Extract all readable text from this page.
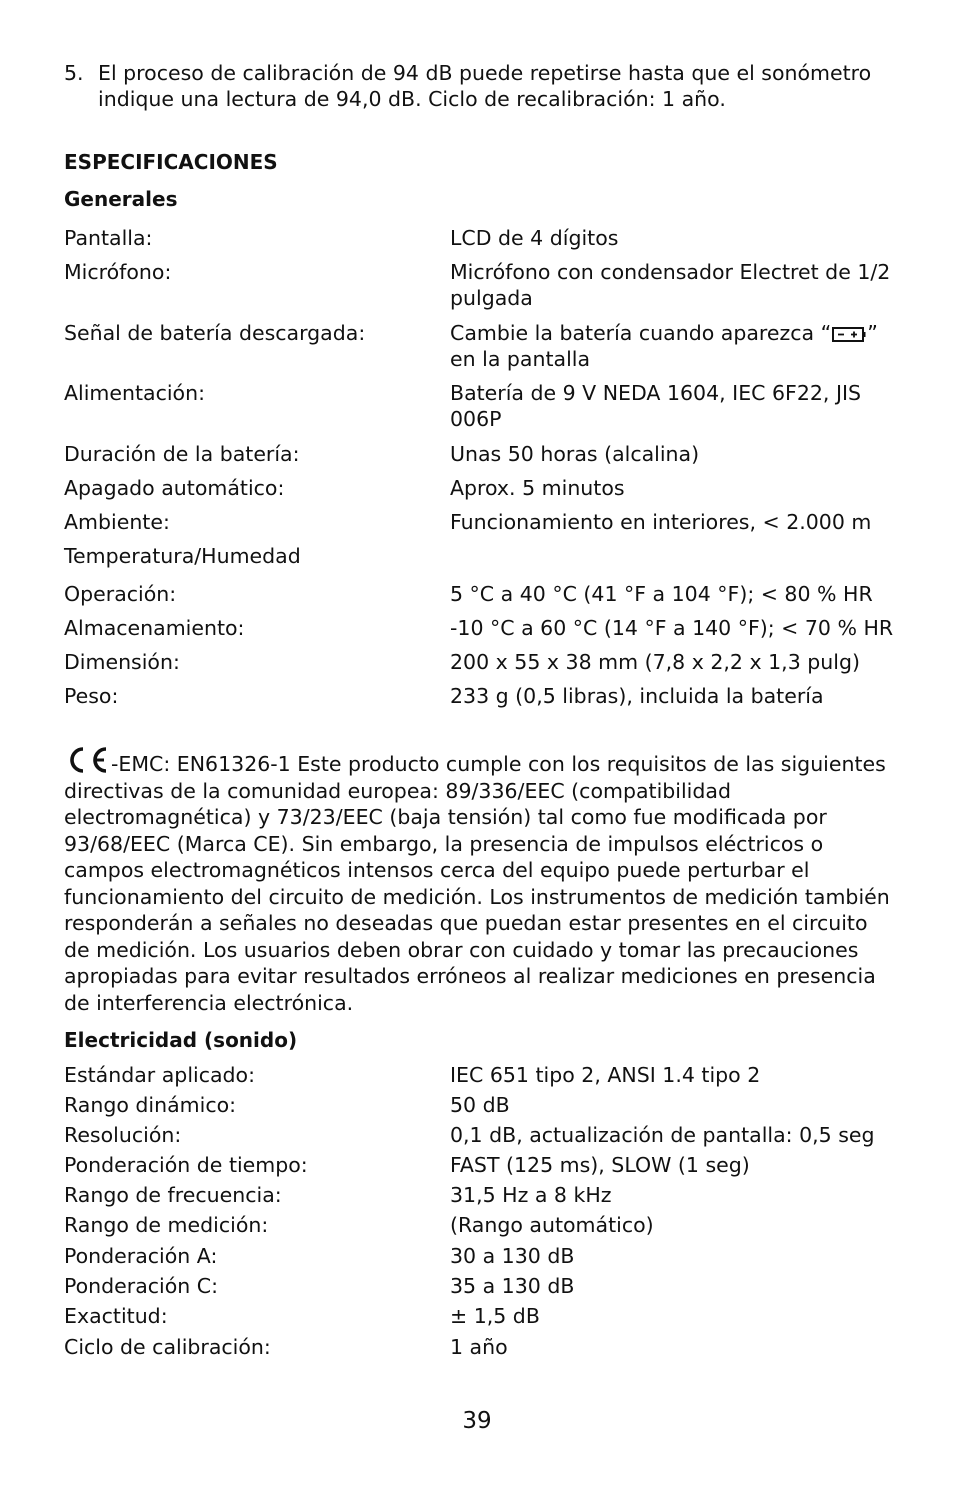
5. El proceso de calibración de 94 dB puede repetirse hasta que el sonómetro indique una lectura de 94,0 dB. Ciclo de recalibración: 1 año.
ESPECIFICACIONES
Generales
Pantalla:	LCD de 4 dígitos
Micrófono:	Micrófono con condensador Electret de 1/2 pulgada
Señal de batería descargada:	Cambie la batería cuando aparezca “ ” en la pantalla
Alimentación:	Batería de 9 V NEDA 1604, IEC 6F22, JIS 006P
Duración de la batería:	Unas 50 horas (alcalina)
Apagado automático:	Aprox. 5 minutos
Ambiente:	Funcionamiento en interiores, < 2.000 m
Temperatura/Humedad
Operación:	5 °C a 40 °C (41 °F a 104 °F); < 80 % HR
Almacenamiento:	-10 °C a 60 °C (14 °F a 140 °F); < 70 % HR
Dimensión:	200 x 55 x 38 mm (7,8 x 2,2 x 1,3 pulg)
Peso:	233 g (0,5 libras), incluida la batería
-EMC: EN61326-1 Este producto cumple con los requisitos de las siguientes directivas de la comunidad europea: 89/336/EEC (compatibilidad electromagnética) y 73/23/EEC (baja tensión) tal como fue modificada por 93/68/EEC (Marca CE). Sin embargo, la presencia de impulsos eléctricos o campos electromagnéticos intensos cerca del equipo puede perturbar el funcionamiento del circuito de medición. Los instrumentos de medición también responderán a señales no deseadas que puedan estar presentes en el circuito de medición. Los usuarios deben obrar con cuidado y tomar las precauciones apropiadas para evitar resultados erróneos al realizar mediciones en presencia de interferencia electrónica.
Electricidad (sonido)
Estándar aplicado:	IEC 651 tipo 2, ANSI 1.4 tipo 2
Rango dinámico:	50 dB
Resolución:	0,1 dB, actualización de pantalla: 0,5 seg
Ponderación de tiempo:	FAST (125 ms), SLOW (1 seg)
Rango de frecuencia:	31,5 Hz a 8 kHz
Rango de medición:	(Rango automático)
Ponderación A:	30 a 130 dB
Ponderación C:	35 a 130 dB
Exactitud:	± 1,5 dB
Ciclo de calibración:	1 año
39
